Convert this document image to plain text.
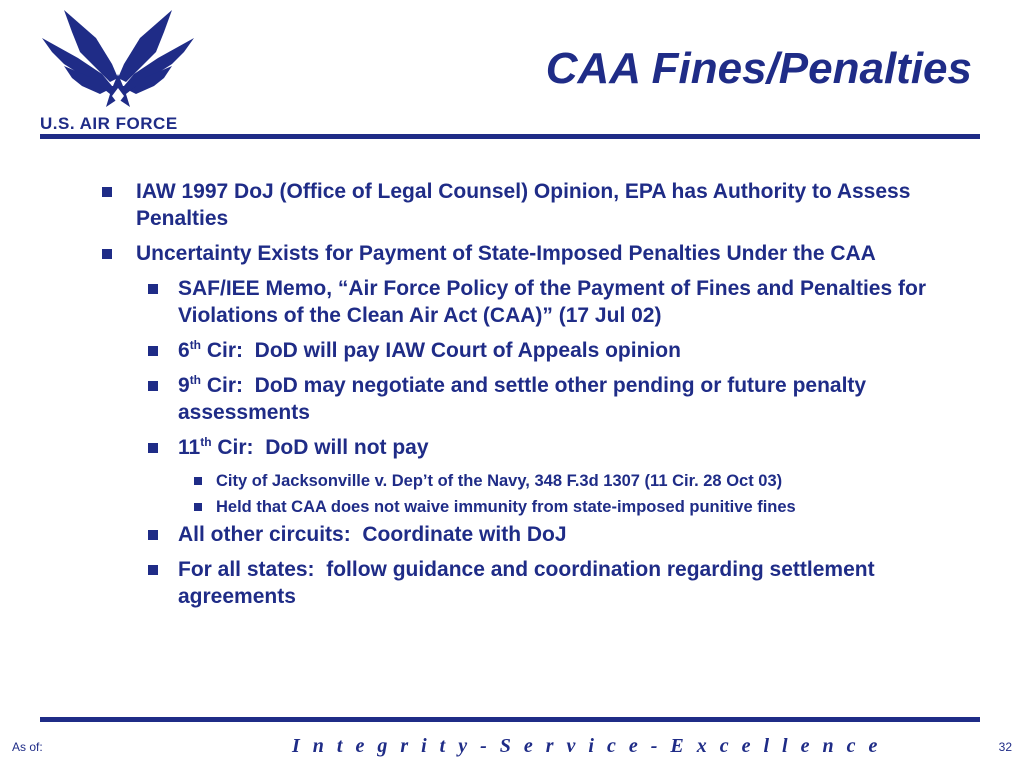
U.S. AIR FORCE
CAA Fines/Penalties
IAW 1997 DoJ (Office of Legal Counsel) Opinion, EPA has Authority to Assess Penalties
Uncertainty Exists for Payment of State-Imposed Penalties Under the CAA
SAF/IEE Memo, “Air Force Policy of the Payment of Fines and Penalties for Violations of the Clean Air Act (CAA)” (17 Jul 02)
6th Cir:  DoD will pay IAW Court of Appeals opinion
9th Cir:  DoD may negotiate and settle other pending or future penalty assessments
11th Cir:  DoD will not pay
City of Jacksonville v. Dep’t of the Navy, 348 F.3d 1307 (11 Cir. 28 Oct 03)
Held that CAA does not waive immunity from state-imposed punitive fines
All other circuits:  Coordinate with DoJ
For all states:  follow guidance and coordination regarding settlement agreements
As of:	I n t e g r i t y - S e r v i c e - E x c e l l e n c e	32
